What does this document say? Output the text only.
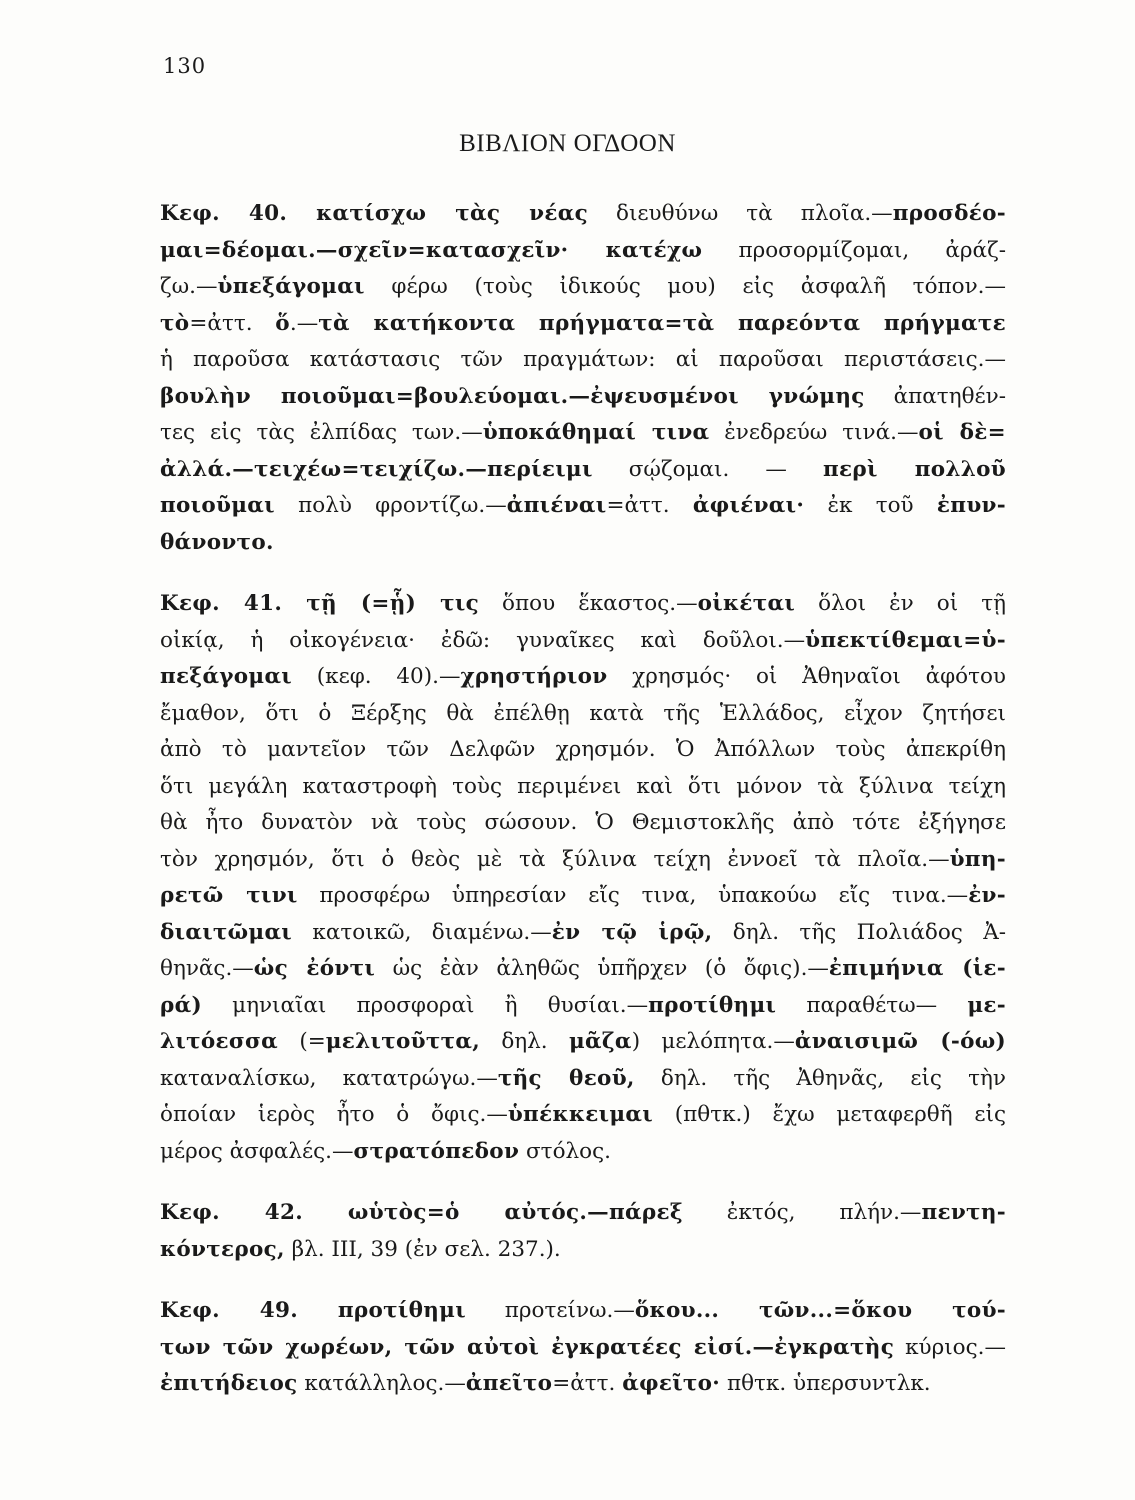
130
ΒΙΒΛΙΟΝ ΟΓΔΟΟΝ
Κεφ. 40. κατίσχω τὰς νέας διευθύνω τὰ πλοῖα.—προσδέο-
μαι=δέομαι.—σχεῖν=κατασχεῖν· κατέχω προσορμίζομαι, ἀράζ-
ζω.—ὑπεξάγομαι φέρω (τοὺς ἰδικούς μου) εἰς ἀσφαλῆ τόπον.—
τὸ=ἀττ. ὅ.—τὰ κατήκοντα πρήγματα=τὰ παρεόντα πρήγματε
ἡ παροῦσα κατάστασις τῶν πραγμάτων: αἱ παροῦσαι περιστάσεις.—
βουλὴν ποιοῦμαι=βουλεύομαι.—ἐψευσμένοι γνώμης ἀπατηθέν-
τες εἰς τὰς ἐλπίδας των.—ὑποκάθημαί τινα ἐνεδρεύω τινά.—οἱ δὲ=
ἀλλά.—τειχέω=τειχίζω.—περίειμι σῴζομαι. — περὶ πολλοῦ
ποιοῦμαι πολὺ φροντίζω.—ἀπιέναι=ἀττ. ἀφιέναι· ἐκ τοῦ ἐπυν-
θάνοντο.
Κεφ. 41. τῇ (=ᾗ) τις ὅπου ἕκαστος.—οἰκέται ὅλοι ἐν οἱ τῇ
οἰκίᾳ, ἡ οἰκογένεια· ἐδῶ: γυναῖκες καὶ δοῦλοι.—ὑπεκτίθεμαι=ὑ-
πεξάγομαι (κεφ. 40).—χρηστήριον χρησμός· οἱ Ἀθηναῖοι ἀφότου
ἔμαθον, ὅτι ὁ Ξέρξης θὰ ἐπέλθῃ κατὰ τῆς Ἑλλάδος, εἶχον ζητήσει
ἀπὸ τὸ μαντεῖον τῶν Δελφῶν χρησμόν. Ὁ Ἀπόλλων τοὺς ἀπεκρίθη
ὅτι μεγάλη καταστροφὴ τοὺς περιμένει καὶ ὅτι μόνον τὰ ξύλινα τείχη
θὰ ἦτο δυνατὸν νὰ τοὺς σώσουν. Ὁ Θεμιστοκλῆς ἀπὸ τότε ἐξήγησε
τὸν χρησμόν, ὅτι ὁ θεὸς μὲ τὰ ξύλινα τείχη ἐννοεῖ τὰ πλοῖα.—ὑπη-
ρετῶ τινι προσφέρω ὑπηρεσίαν εἴς τινα, ὑπακούω εἴς τινα.—ἐν-
διαιτῶμαι κατοικῶ, διαμένω.—ἐν τῷ ἱρῷ, δηλ. τῆς Πολιάδος Ἀ-
θηνᾶς.—ὡς ἐόντι ὡς ἐὰν ἀληθῶς ὑπῆρχεν (ὁ ὄφις).—ἐπιμήνια (ἱε-
ρά) μηνιαῖαι προσφοραὶ ἢ θυσίαι.—προτίθημι παραθέτω— με-
λιτόεσσα (=μελιτοῦττα, δηλ. μᾶζα) μελόπητα.—ἀναισιμῶ (-όω)
καταναλίσκω, κατατρώγω.—τῆς θεοῦ, δηλ. τῆς Ἀθηνᾶς, εἰς τὴν
ὁποίαν ἱερὸς ἦτο ὁ ὄφις.—ὑπέκκειμαι (πθτκ.) ἔχω μεταφερθῆ εἰς
μέρος ἀσφαλές.—στρατόπεδον στόλος.
Κεφ. 42. ωὑτὸς=ὁ αὐτός.—πάρεξ ἐκτός, πλήν.—πεντη-
κόντερος, βλ. III, 39 (ἐν σελ. 237.).
Κεφ. 49. προτίθημι προτείνω.—ὅκου... τῶν...=ὅκου τού-
των τῶν χωρέων, τῶν αὐτοὶ ἐγκρατέες εἰσί.—ἐγκρατὴς κύριος.—
ἐπιτήδειος κατάλληλος.—ἀπεῖτο=ἀττ. ἀφεῖτο· πθτκ. ὑπερσυντλκ.
